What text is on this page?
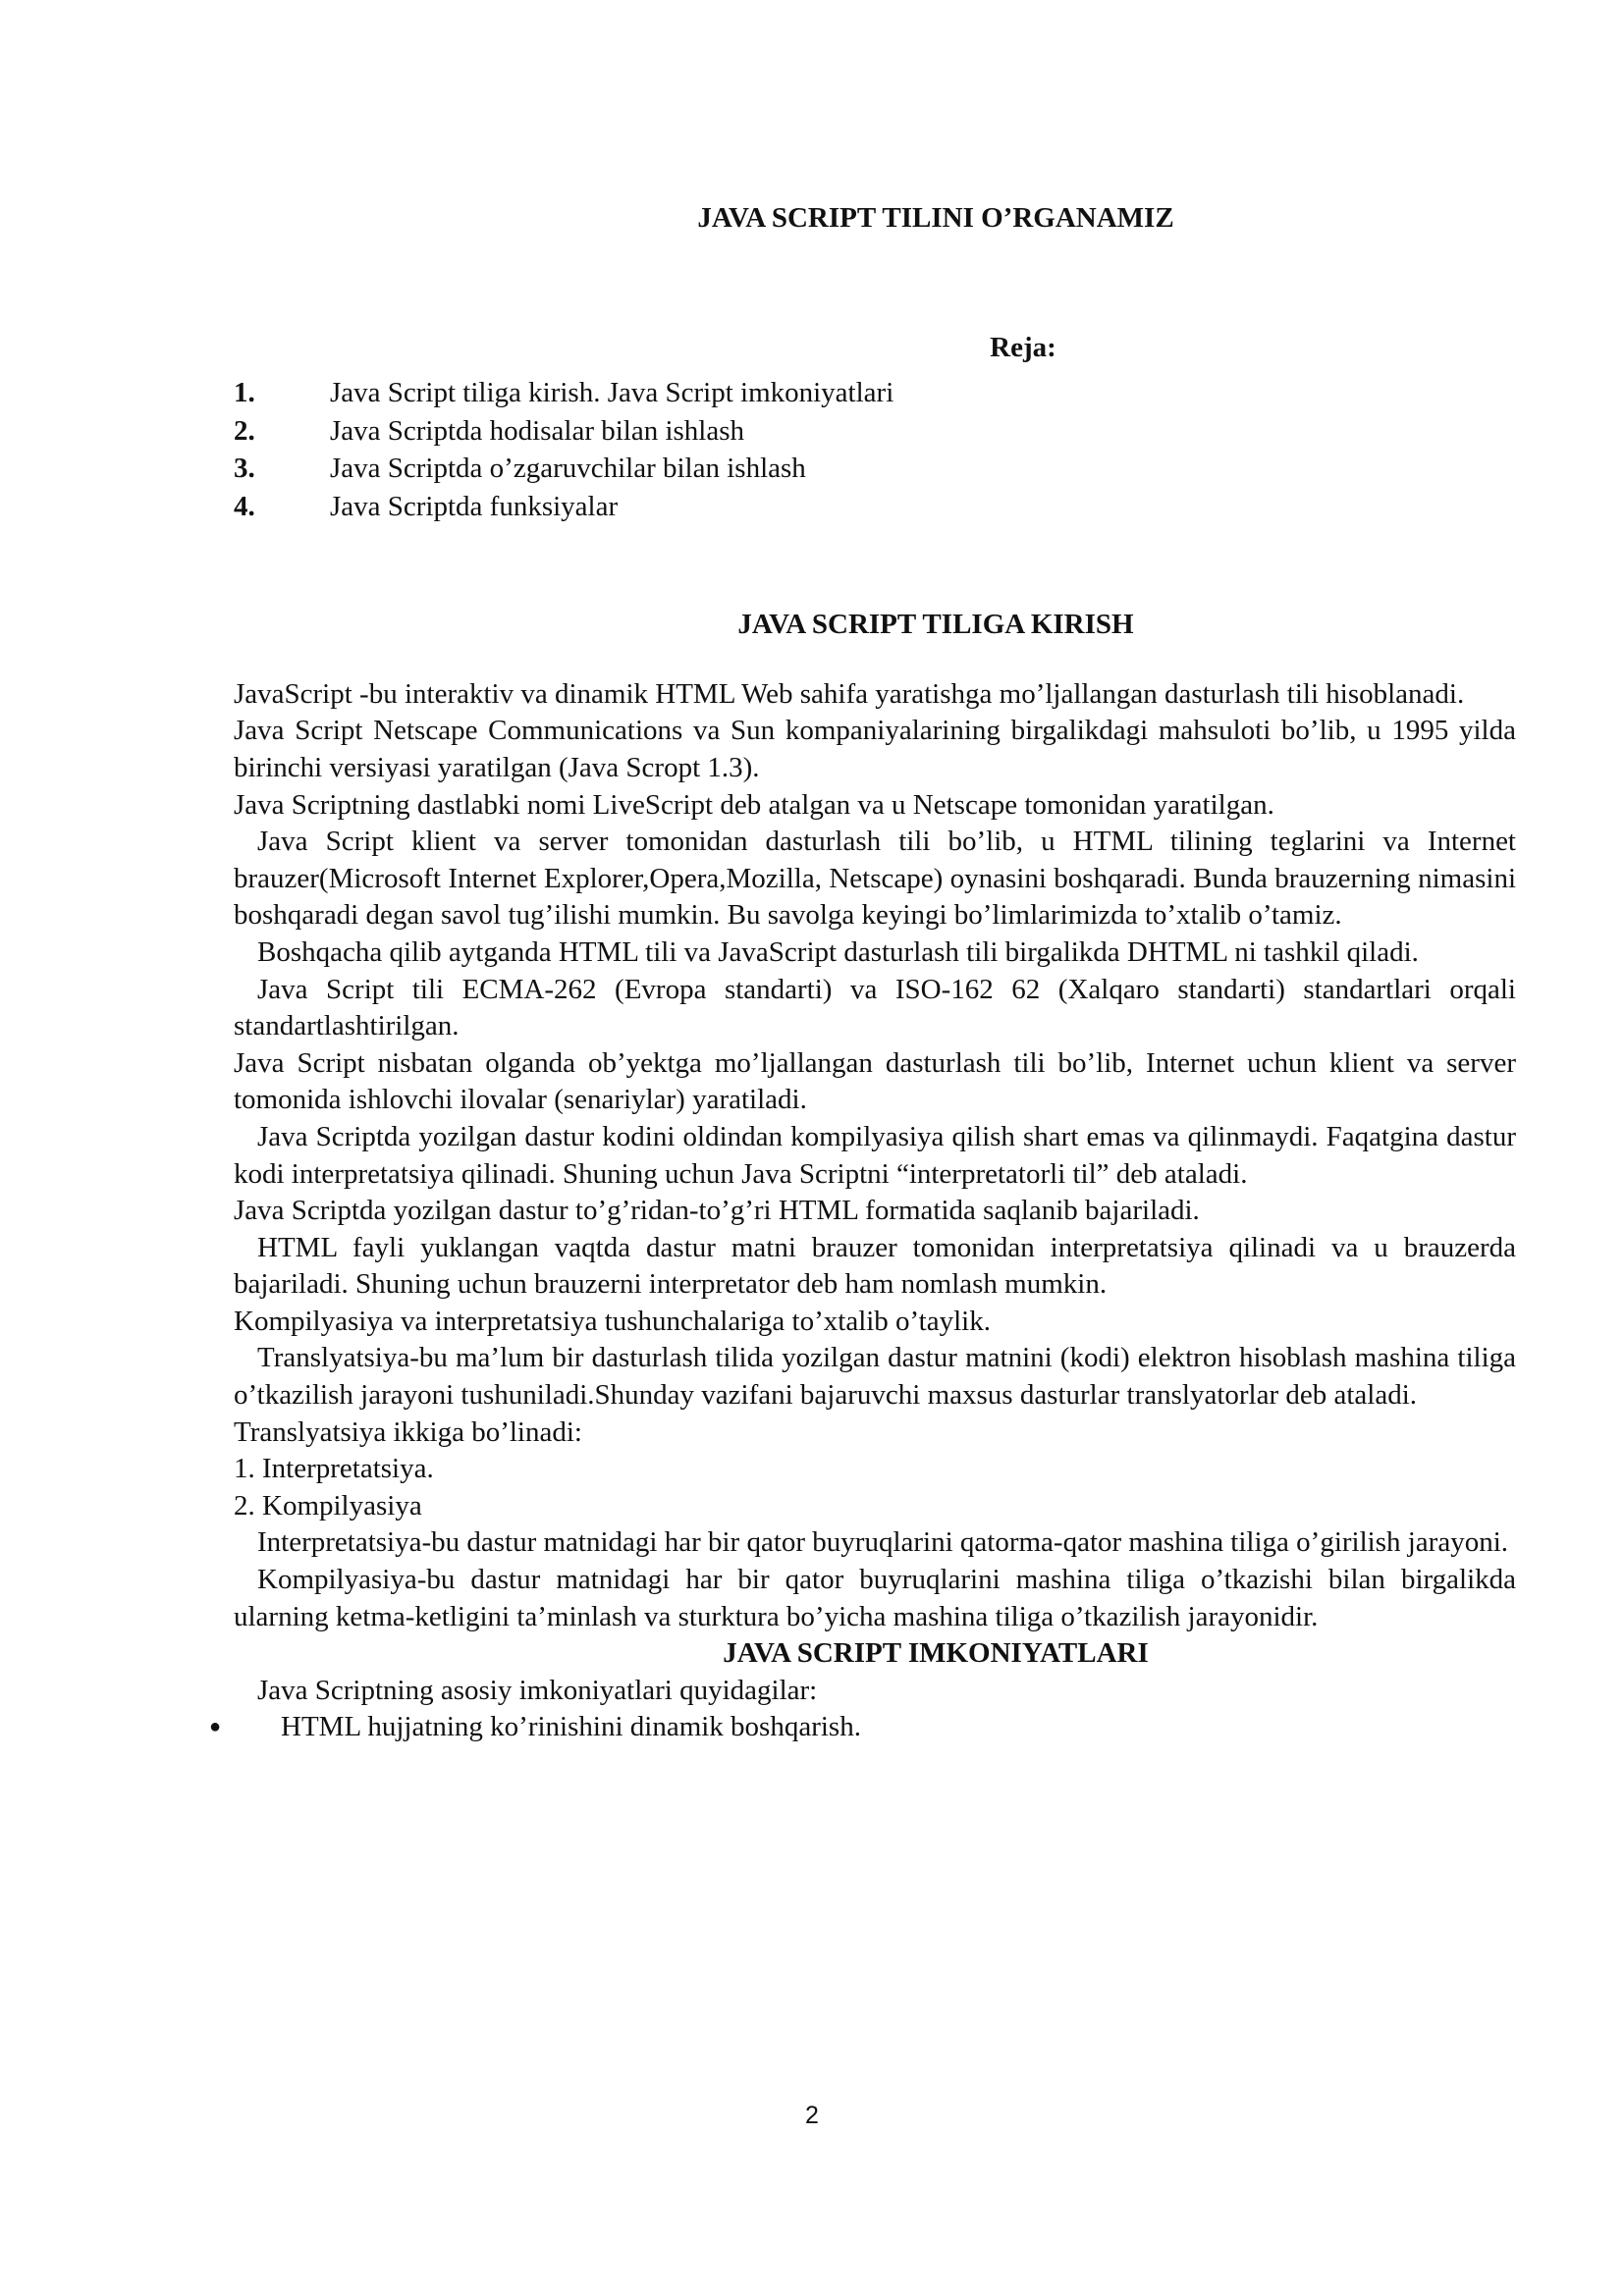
JAVA SCRIPT TILINI O’RGANAMIZ
Reja:
1.	Java Script tiliga kirish. Java Script imkoniyatlari
2.	Java Scriptda hodisalar bilan ishlash
3.	Java Scriptda o’zgaruvchilar bilan ishlash
4.	Java Scriptda funksiyalar
JAVA SCRIPT TILIGA KIRISH

JavaScript -bu interaktiv va dinamik HTML Web sahifa yaratishga mo’ljallangan dasturlash tili hisoblanadi.

Java Script Netscape Communications va Sun kompaniyalarining birgalikdagi mahsuloti bo’lib, u 1995 yilda birinchi versiyasi yaratilgan (Java Scropt 1.3).

Java Scriptning dastlabki nomi LiveScript deb atalgan va u Netscape tomonidan yaratilgan.

Java Script klient va server tomonidan dasturlash tili bo’lib, u HTML tilining teglarini va Internet brauzer(Microsoft Internet Explorer,Opera,Mozilla, Netscape) oynasini boshqaradi. Bunda brauzerning nimasini boshqaradi degan savol tug’ilishi mumkin. Bu savolga keyingi bo’limlarimizda to’xtalib o’tamiz.

Boshqacha qilib aytganda HTML tili va JavaScript dasturlash tili birgalikda DHTML ni tashkil qiladi.

Java Script tili ECMA-262 (Evropa standarti) va ISO-162 62 (Xalqaro standarti) standartlari orqali standartlashtirilgan.

Java Script nisbatan olganda ob’yektga mo’ljallangan dasturlash tili bo’lib, Internet uchun klient va server tomonida ishlovchi ilovalar (senariylar) yaratiladi.

Java Scriptda yozilgan dastur kodini oldindan kompilyasiya qilish shart emas va qilinmaydi. Faqatgina dastur kodi interpretatsiya qilinadi. Shuning uchun Java Scriptni “interpretatorli til” deb ataladi.

Java Scriptda yozilgan dastur to’g’ridan-to’g’ri HTML formatida saqlanib bajariladi.

HTML fayli yuklangan vaqtda dastur matni brauzer tomonidan interpretatsiya qilinadi va u brauzerda bajariladi. Shuning uchun brauzerni interpretator deb ham nomlash mumkin.

Kompilyasiya va interpretatsiya tushunchalariga to’xtalib o’taylik.

Translyatsiya-bu ma’lum bir dasturlash tilida yozilgan dastur matnini (kodi) elektron hisoblash mashina tiliga o’tkazilish jarayoni tushuniladi.Shunday vazifani bajaruvchi maxsus dasturlar translyatorlar deb ataladi.

Translyatsiya ikkiga bo’linadi:

1. Interpretatsiya.

2. Kompilyasiya

Interpretatsiya-bu dastur matnidagi har bir qator buyruqlarini qatorma-qator mashina tiliga o’girilish jarayoni.

Kompilyasiya-bu dastur matnidagi har bir qator buyruqlarini mashina tiliga o’tkazishi bilan birgalikda ularning ketma-ketligini ta’minlash va sturktura bo’yicha mashina tiliga o’tkazilish jarayonidir.

JAVA SCRIPT IMKONIYATLARI

Java Scriptning asosiy imkoniyatlari quyidagilar:

● HTML hujjatning ko’rinishini dinamik boshqarish.
2
